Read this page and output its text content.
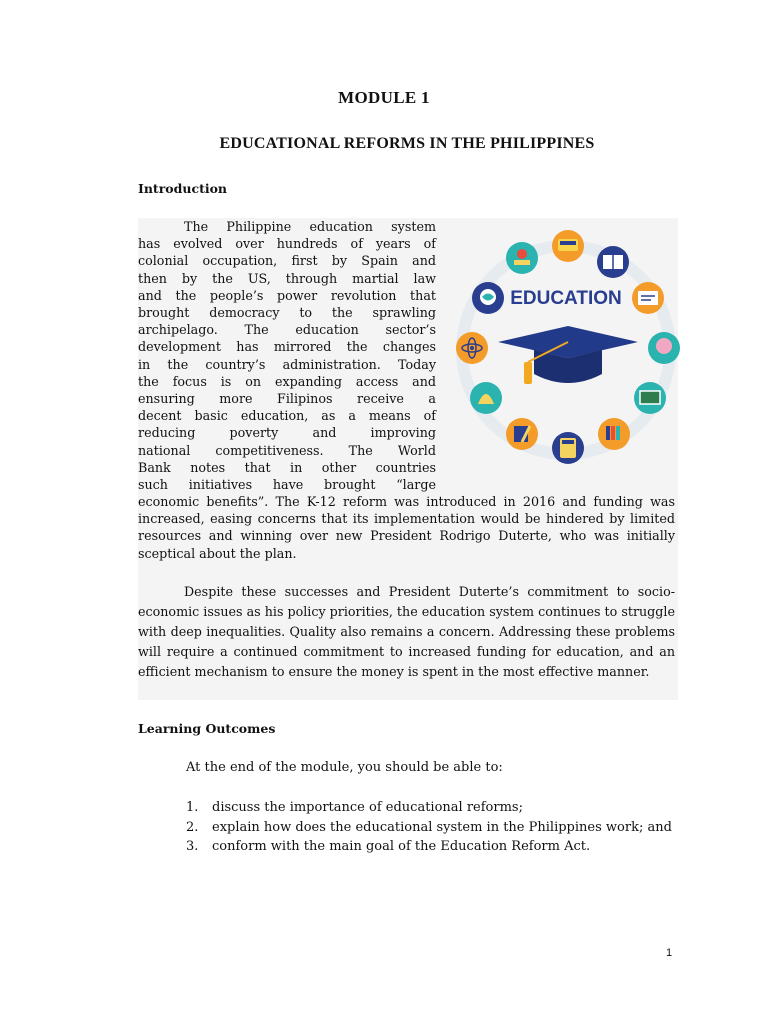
MODULE 1
EDUCATIONAL REFORMS IN THE PHILIPPINES
Introduction
The Philippine education system
has evolved over hundreds of years of
colonial occupation, first by Spain and
then by the US, through martial law
and the people’s power revolution that
brought democracy to the sprawling
archipelago. The education sector’s
development has mirrored the changes
in the country’s administration. Today
the focus is on expanding access and
ensuring more Filipinos receive a
decent basic education, as a means of
reducing poverty and improving
national competitiveness. The World
Bank notes that in other countries
such initiatives have brought “large
EDUCATION
economic benefits”. The K-12 reform was introduced in 2016 and funding was increased, easing concerns that its implementation would be hindered by limited resources and winning over new President Rodrigo Duterte, who was initially sceptical about the plan.
Despite these successes and President Duterte’s commitment to socio-economic issues as his policy priorities, the education system continues to struggle with deep inequalities. Quality also remains a concern. Addressing these problems will require a continued commitment to increased funding for education, and an efficient mechanism to ensure the money is spent in the most effective manner.
Learning Outcomes
At the end of the module, you should be able to:
1. discuss the importance of educational reforms;
2. explain how does the educational system in the Philippines work; and
3. conform with the main goal of the Education Reform Act.
1
